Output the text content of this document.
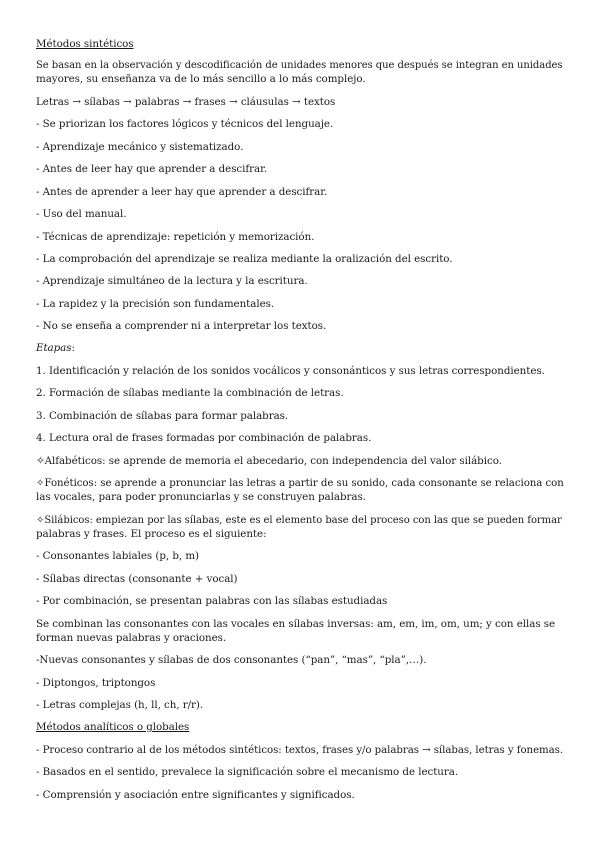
Métodos sintéticos
Se basan en la observación y descodificación de unidades menores que después se integran en unidades
mayores, su enseñanza va de lo más sencillo a lo más complejo.
Letras → sílabas → palabras → frases → cláusulas → textos
- Se priorizan los factores lógicos y técnicos del lenguaje.
- Aprendizaje mecánico y sistematizado.
- Antes de leer hay que aprender a descifrar.
- Antes de aprender a leer hay que aprender a descifrar.
- Uso del manual.
- Técnicas de aprendizaje: repetición y memorización.
- La comprobación del aprendizaje se realiza mediante la oralización del escrito.
- Aprendizaje simultáneo de la lectura y la escritura.
- La rapidez y la precisión son fundamentales.
- No se enseña a comprender ni a interpretar los textos.
Etapas:
1. Identificación y relación de los sonidos vocálicos y consonánticos y sus letras correspondientes.
2. Formación de sílabas mediante la combinación de letras.
3. Combinación de sílabas para formar palabras.
4. Lectura oral de frases formadas por combinación de palabras.
✧Alfabéticos: se aprende de memoria el abecedario, con independencia del valor silábico.
✧Fonéticos: se aprende a pronunciar las letras a partir de su sonido, cada consonante se relaciona con
las vocales, para poder pronunciarlas y se construyen palabras.
✧Silábicos: empiezan por las sílabas, este es el elemento base del proceso con las que se pueden formar
palabras y frases. El proceso es el siguiente:
- Consonantes labiales (p, b, m)
- Sílabas directas (consonante + vocal)
- Por combinación, se presentan palabras con las sílabas estudiadas
Se combinan las consonantes con las vocales en sílabas inversas: am, em, im, om, um; y con ellas se
forman nuevas palabras y oraciones.
-Nuevas consonantes y sílabas de dos consonantes (“pan”, “mas”, “pla”,…).
- Diptongos, triptongos
- Letras complejas (h, ll, ch, r/r).
Métodos analíticos o globales
- Proceso contrario al de los métodos sintéticos: textos, frases y/o palabras → sílabas, letras y fonemas.
- Basados en el sentido, prevalece la significación sobre el mecanismo de lectura.
- Comprensión y asociación entre significantes y significados.
